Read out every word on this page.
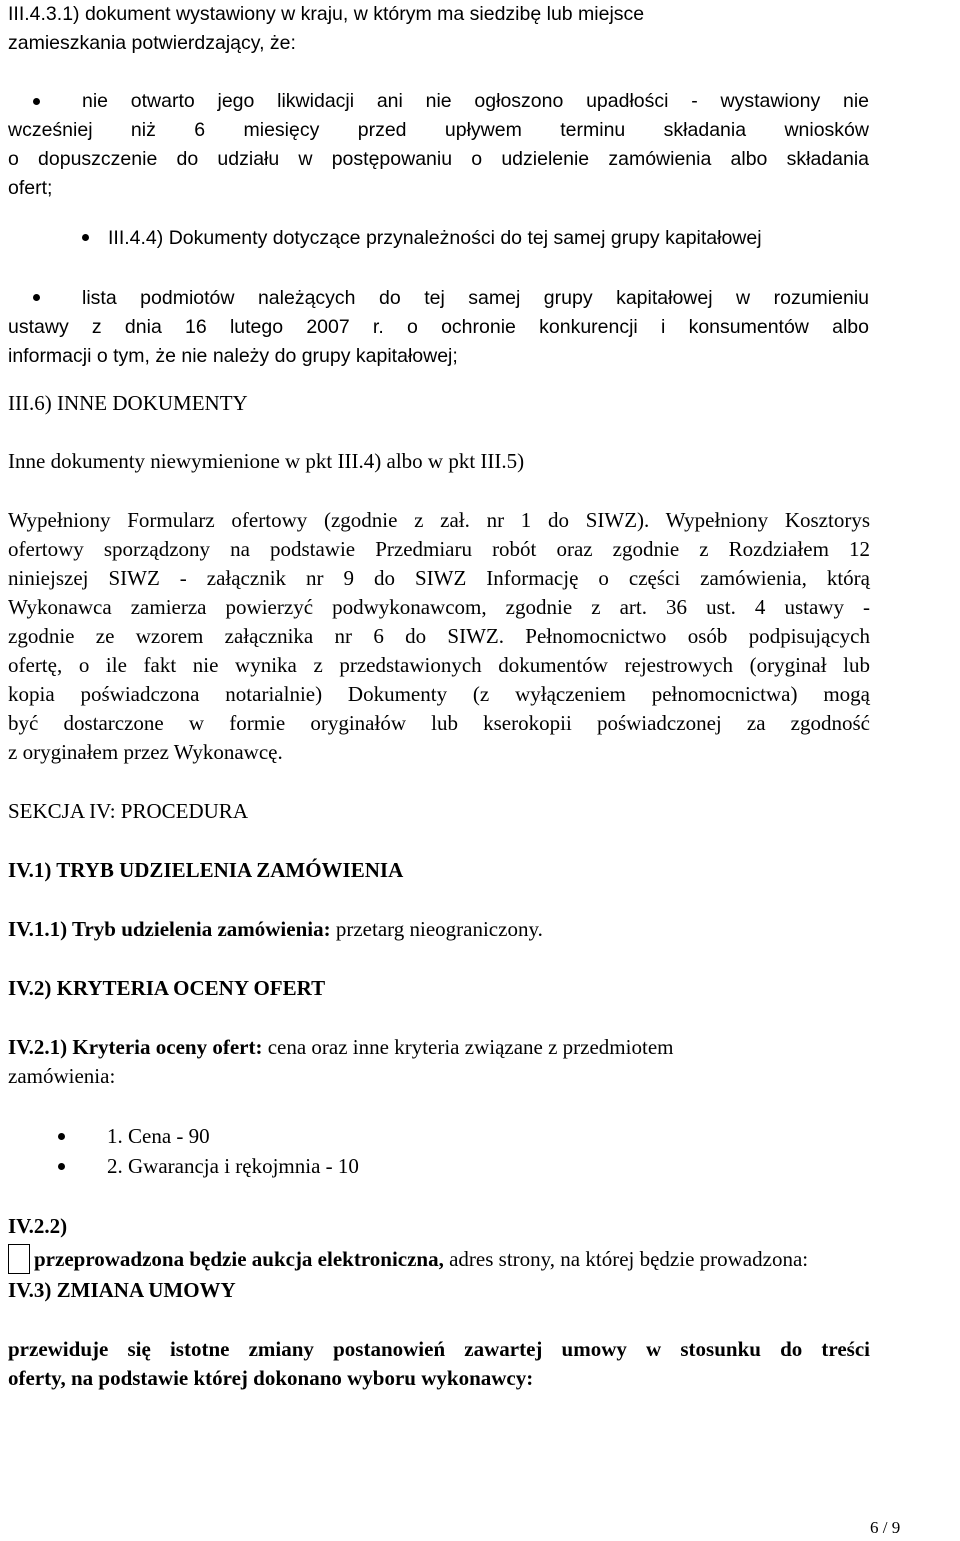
III.4.3.1) dokument wystawiony w kraju, w którym ma siedzibę lub miejsce
zamieszkania potwierdzający, że:
nie otwarto jego likwidacji ani nie ogłoszono upadłości - wystawiony nie
wcześniej niż 6 miesięcy przed upływem terminu składania wniosków
o dopuszczenie do udziału w postępowaniu o udzielenie zamówienia albo składania
ofert;
III.4.4) Dokumenty dotyczące przynależności do tej samej grupy kapitałowej
lista podmiotów należących do tej samej grupy kapitałowej w rozumieniu
ustawy z dnia 16 lutego 2007 r. o ochronie konkurencji i konsumentów albo
informacji o tym, że nie należy do grupy kapitałowej;
III.6) INNE DOKUMENTY
Inne dokumenty niewymienione w pkt III.4) albo w pkt III.5)
Wypełniony Formularz ofertowy (zgodnie z zał. nr 1 do SIWZ). Wypełniony Kosztorys
ofertowy sporządzony na podstawie Przedmiaru robót oraz zgodnie z Rozdziałem 12
niniejszej SIWZ - załącznik nr 9 do SIWZ Informację o części zamówienia, którą
Wykonawca zamierza powierzyć podwykonawcom, zgodnie z art. 36 ust. 4 ustawy -
zgodnie ze wzorem załącznika nr 6 do SIWZ. Pełnomocnictwo osób podpisujących
ofertę, o ile fakt nie wynika z przedstawionych dokumentów rejestrowych (oryginał lub
kopia poświadczona notarialnie) Dokumenty (z wyłączeniem pełnomocnictwa) mogą
być dostarczone w formie oryginałów lub kserokopii poświadczonej za zgodność
z oryginałem przez Wykonawcę.
SEKCJA IV: PROCEDURA
IV.1) TRYB UDZIELENIA ZAMÓWIENIA
IV.1.1) Tryb udzielenia zamówienia: przetarg nieograniczony.
IV.2) KRYTERIA OCENY OFERT
IV.2.1) Kryteria oceny ofert: cena oraz inne kryteria związane z przedmiotem
zamówienia:
1. Cena - 90
2. Gwarancja i rękojmnia - 10
IV.2.2)
przeprowadzona będzie aukcja elektroniczna, adres strony, na której będzie prowadzona:
IV.3) ZMIANA UMOWY
przewiduje się istotne zmiany postanowień zawartej umowy w stosunku do treści
oferty, na podstawie której dokonano wyboru wykonawcy:
6 / 9
